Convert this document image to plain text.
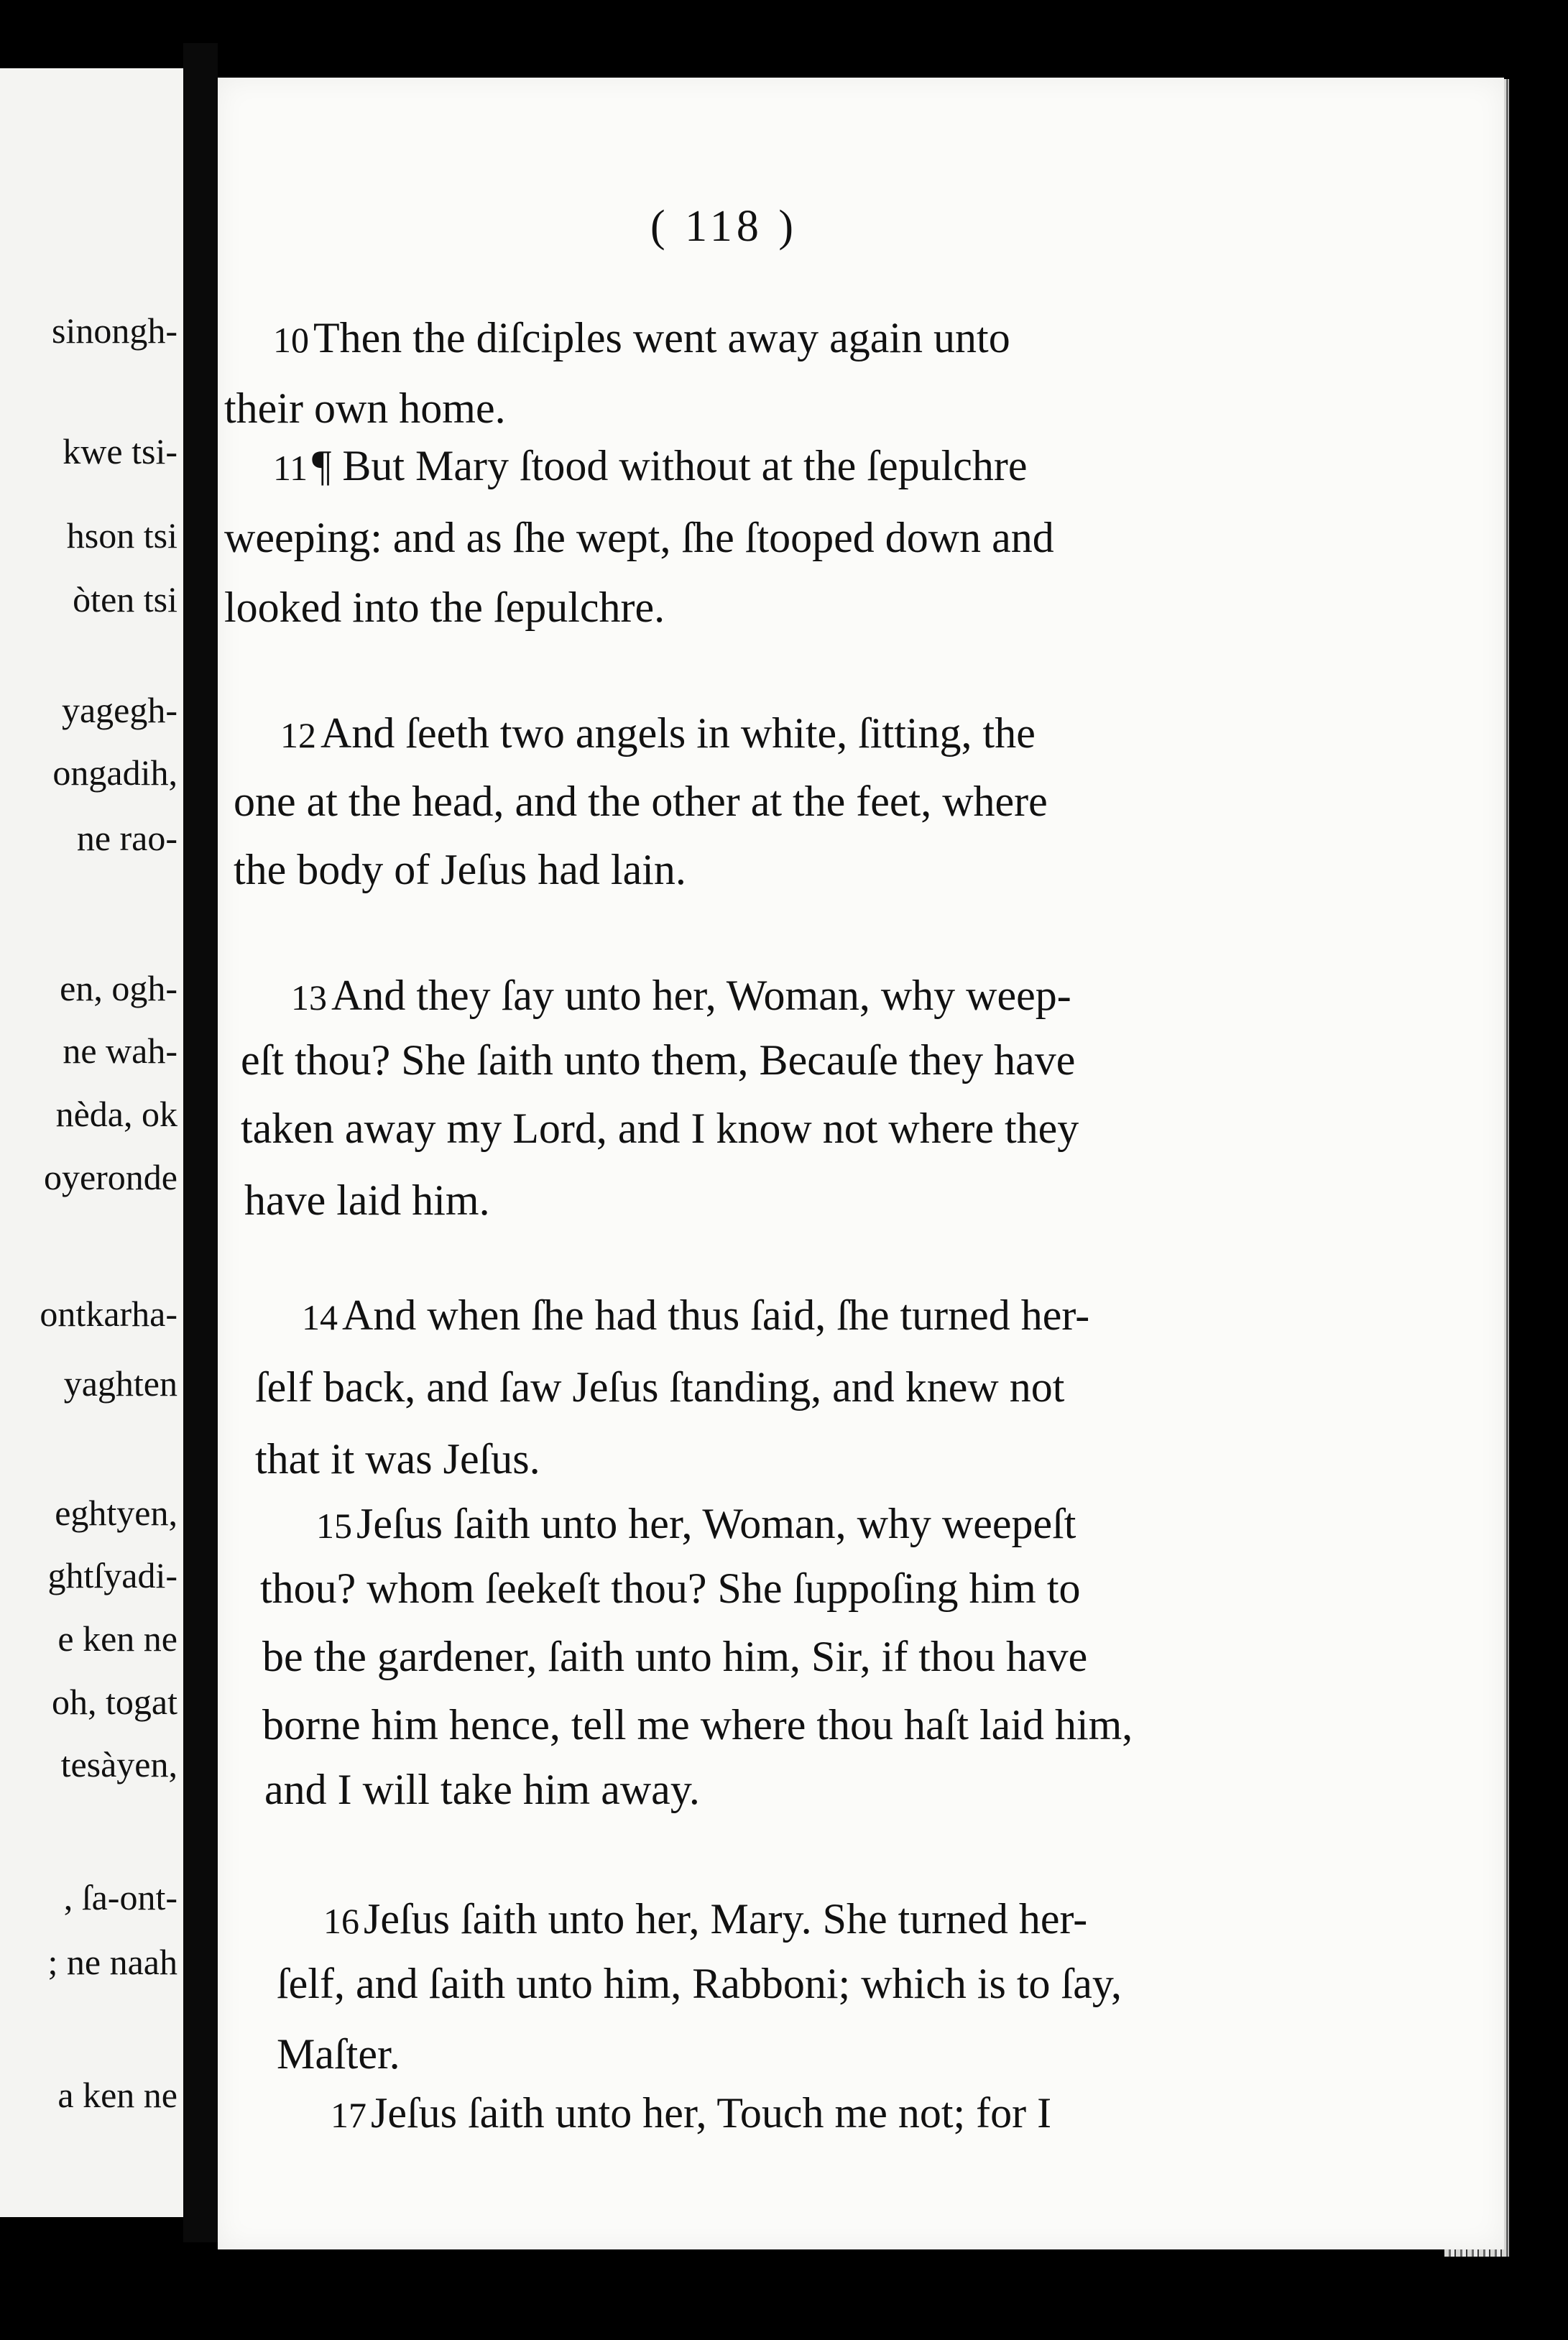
sinongh-
kwe tsi-
hson tsi
òten tsi
yagegh-
ongadih,
ne rao-
en, ogh-
ne wah-
nèda, ok
oyeronde
ontkarha-
yaghten
eghtyen,
ghtſyadi-
e ken ne
oh, togat
tesàyen,
, ſa-ont-
; ne naah
a ken ne
( 118 )
10 Then the diſciples went away again unto
their own home.
11 ¶ But Mary ſtood without at the ſepulchre
weeping: and as ſhe wept, ſhe ſtooped down and
looked into the ſepulchre.
12 And ſeeth two angels in white, ſitting, the
one at the head, and the other at the feet, where
the body of Jeſus had lain.
13 And they ſay unto her, Woman, why weep-
eſt thou? She ſaith unto them, Becauſe they have
taken away my Lord, and I know not where they
have laid him.
14 And when ſhe had thus ſaid, ſhe turned her-
ſelf back, and ſaw Jeſus ſtanding, and knew not
that it was Jeſus.
15 Jeſus ſaith unto her, Woman, why weepeſt
thou? whom ſeekeſt thou? She ſuppoſing him to
be the gardener, ſaith unto him, Sir, if thou have
borne him hence, tell me where thou haſt laid him,
and I will take him away.
16 Jeſus ſaith unto her, Mary. She turned her-
ſelf, and ſaith unto him, Rabboni; which is to ſay,
Maſter.
17 Jeſus ſaith unto her, Touch me not; for I
